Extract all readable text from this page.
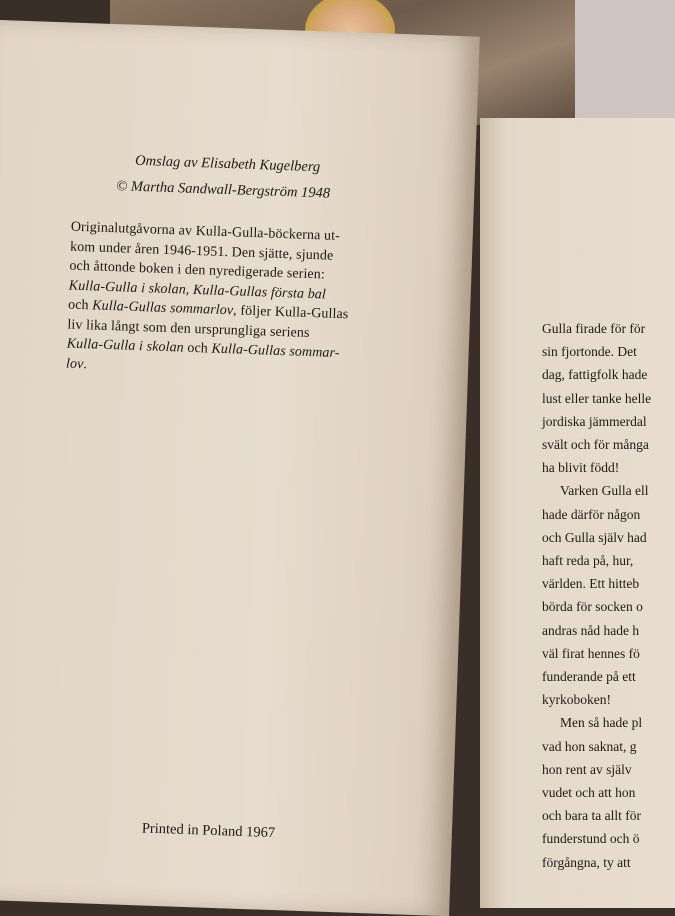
Omslag av Elisabeth Kugelberg
© Martha Sandwall-Bergström 1948
Originalutgåvorna av Kulla-Gulla-böckerna ut-
kom under åren 1946-1951. Den sjätte, sjunde
och åttonde boken i den nyredigerade serien:
Kulla-Gulla i skolan, Kulla-Gullas första bal
och Kulla-Gullas sommarlov, följer Kulla-Gullas
liv lika långt som den ursprungliga seriens
Kulla-Gulla i skolan och Kulla-Gullas sommar-
lov.
Printed in Poland 1967
Gulla firade för för
sin fjortonde. Det
dag, fattigfolk hade
lust eller tanke helle
jordiska jämmerdal
svält och för många
ha blivit född!
Varken Gulla ell
hade därför någon
och Gulla själv had
haft reda på, hur,
världen. Ett hitteb
börda för socken o
andras nåd hade h
väl firat hennes fö
funderande på ett
kyrkoboken!
Men så hade pl
vad hon saknat, g
hon rent av själv
vudet och att hon
och bara ta allt för
funderstund och ö
förgångna, ty att
